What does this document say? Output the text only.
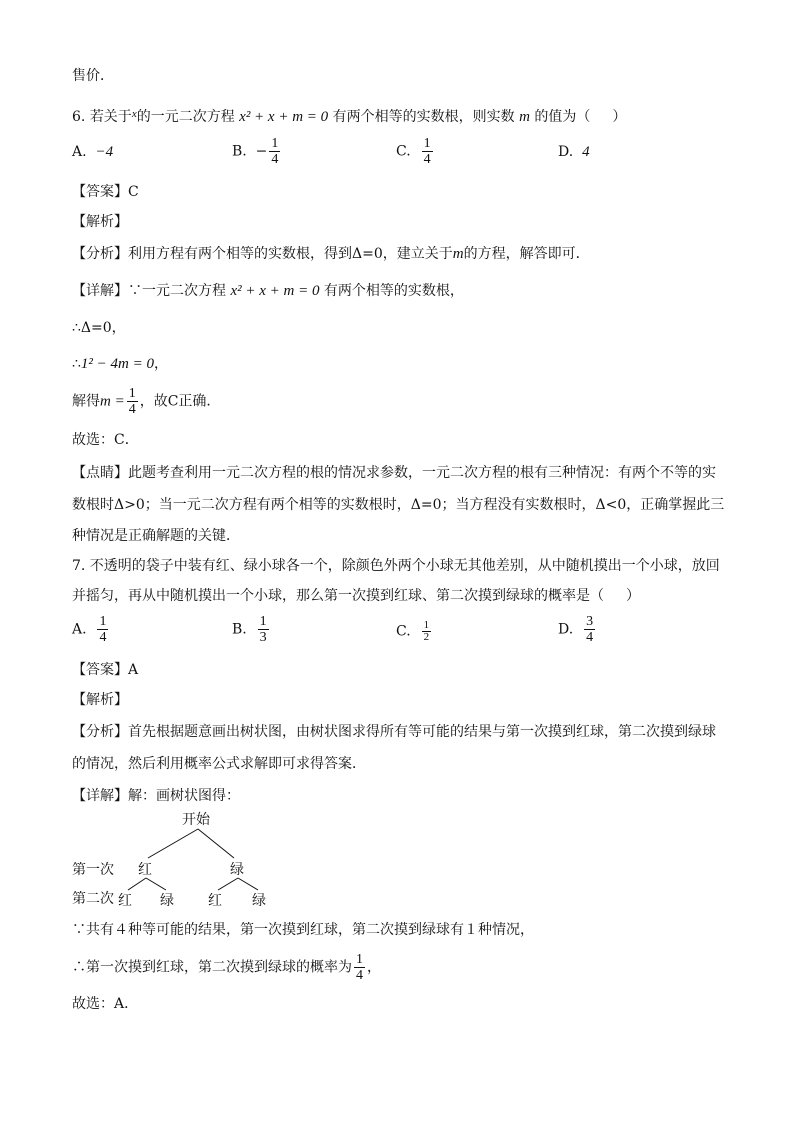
售价．
6. 若关于$^x$的一元二次方程 x² + x + m = 0 有两个相等的实数根，则实数 m 的值为（ ）
A. −4	B. − $\frac{1}{4}$	C. $\frac{1}{4}$	D. 4
【答案】C
【解析】
【分析】利用方程有两个相等的实数根，得到Δ=0，建立关于m的方程，解答即可．
【详解】∵一元二次方程 x² + x + m = 0 有两个相等的实数根，
∴Δ=0，
∴1² − 4m = 0，
解得$m = \frac{1}{4}$ ，故C正确．
故选：C．
【点睛】此题考查利用一元二次方程的根的情况求参数，一元二次方程的根有三种情况：有两个不等的实
数根时Δ>0；当一元二次方程有两个相等的实数根时，Δ=0；当方程没有实数根时，Δ<0，正确掌握此三
种情况是正确解题的关键．
7. 不透明的袋子中装有红、绿小球各一个，除颜色外两个小球无其他差别，从中随机摸出一个小球，放回
并摇匀，再从中随机摸出一个小球，那么第一次摸到红球、第二次摸到绿球的概率是（ ）
A. $\frac{1}{4}$	B. $\frac{1}{3}$	C. $\frac{1}{2}$	D. $\frac{3}{4}$
【答案】A
【解析】
【分析】首先根据题意画出树状图，由树状图求得所有等可能的结果与第一次摸到红球，第二次摸到绿球
的情况，然后利用概率公式求解即可求得答案．
【详解】解：画树状图得：
开始
第一次 红	绿
第二次 红 绿 红 绿
∵共有４种等可能的结果，第一次摸到红球，第二次摸到绿球有１种情况，
∴第一次摸到红球，第二次摸到绿球的概率为 $\frac{1}{4}$ ，
故选：A．
